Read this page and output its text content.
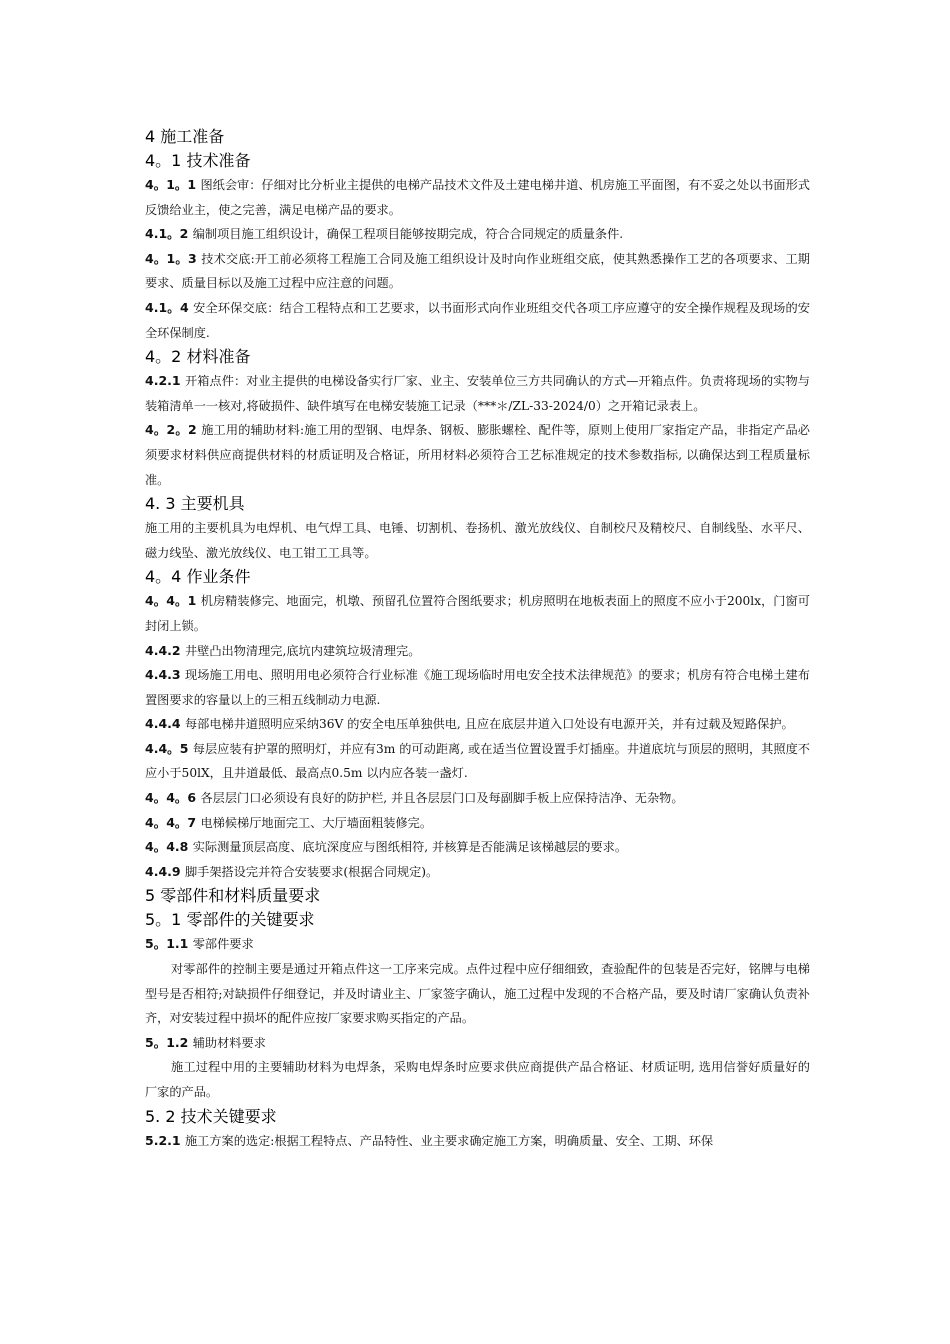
4 施工准备
4。1 技术准备
4。1。1 图纸会审：仔细对比分析业主提供的电梯产品技术文件及土建电梯井道、机房施工平面图，有不妥之处以书面形式反馈给业主，使之完善，满足电梯产品的要求。
4.1。2 编制项目施工组织设计，确保工程项目能够按期完成，符合合同规定的质量条件.
4。1。3 技术交底:开工前必须将工程施工合同及施工组织设计及时向作业班组交底，使其熟悉操作工艺的各项要求、工期要求、质量目标以及施工过程中应注意的问题。
4.1。4 安全环保交底：结合工程特点和工艺要求，以书面形式向作业班组交代各项工序应遵守的安全操作规程及现场的安全环保制度.
4。2 材料准备
4.2.1 开箱点件：对业主提供的电梯设备实行厂家、业主、安装单位三方共同确认的方式—开箱点件。负责将现场的实物与装箱清单一一核对,将破损件、缺件填写在电梯安装施工记录（***＊/ZL-33-2024/0）之开箱记录表上。
4。2。2 施工用的辅助材料:施工用的型钢、电焊条、钢板、膨胀螺栓、配件等，原则上使用厂家指定产品，非指定产品必须要求材料供应商提供材料的材质证明及合格证，所用材料必须符合工艺标准规定的技术参数指标, 以确保达到工程质量标准。
4. 3 主要机具
施工用的主要机具为电焊机、电气焊工具、电锤、切割机、卷扬机、激光放线仪、自制校尺及精校尺、自制线坠、水平尺、磁力线坠、激光放线仪、电工钳工工具等。
4。4 作业条件
4。4。1 机房精装修完、地面完，机墩、预留孔位置符合图纸要求；机房照明在地板表面上的照度不应小于200lx，门窗可封闭上锁。
4.4.2 井壁凸出物清理完,底坑内建筑垃圾清理完。
4.4.3 现场施工用电、照明用电必须符合行业标准《施工现场临时用电安全技术法律规范》的要求；机房有符合电梯土建布置图要求的容量以上的三相五线制动力电源.
4.4.4 每部电梯井道照明应采纳36V 的安全电压单独供电, 且应在底层井道入口处设有电源开关，并有过载及短路保护。
4.4。5 每层应装有护罩的照明灯，并应有3m 的可动距离, 或在适当位置设置手灯插座。井道底坑与顶层的照明，其照度不应小于50lX，且井道最低、最高点0.5m 以内应各装一盏灯.
4。4。6 各层层门口必须设有良好的防护栏, 并且各层层门口及每副脚手板上应保持洁净、无杂物。
4。4。7 电梯候梯厅地面完工、大厅墙面粗装修完。
4。4.8 实际测量顶层高度、底坑深度应与图纸相符, 并核算是否能满足该梯越层的要求。
4.4.9 脚手架搭设完并符合安装要求(根据合同规定)。
5 零部件和材料质量要求
5。1 零部件的关键要求
5。1.1 零部件要求
对零部件的控制主要是通过开箱点件这一工序来完成。点件过程中应仔细细致，查验配件的包装是否完好，铭牌与电梯型号是否相符;对缺损件仔细登记，并及时请业主、厂家签字确认，施工过程中发现的不合格产品，要及时请厂家确认负责补齐，对安装过程中损坏的配件应按厂家要求购买指定的产品。
5。1.2 辅助材料要求
施工过程中用的主要辅助材料为电焊条，采购电焊条时应要求供应商提供产品合格证、材质证明, 选用信誉好质量好的厂家的产品。
5. 2 技术关键要求
5.2.1 施工方案的选定:根据工程特点、产品特性、业主要求确定施工方案，明确质量、安全、工期、环保
